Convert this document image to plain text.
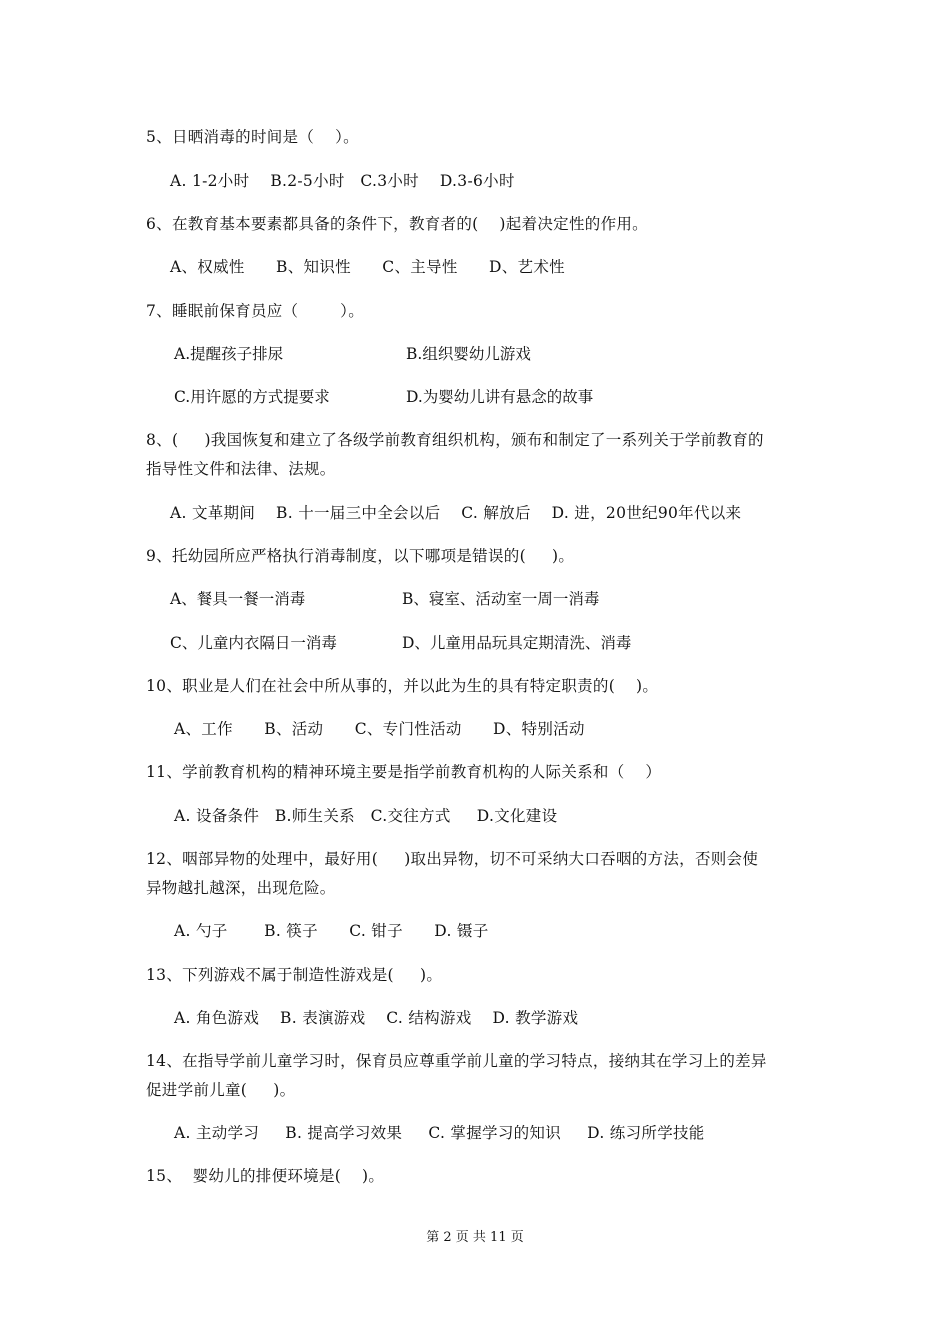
5、日晒消毒的时间是（    ）。
A. 1-2小时    B.2-5小时   C.3小时    D.3-6小时
6、在教育基本要素都具备的条件下，教育者的(    )起着决定性的作用。
A、权威性      B、知识性      C、主导性      D、艺术性
7、睡眠前保育员应（        ）。
A.提醒孩子排尿	B.组织婴幼儿游戏
C.用许愿的方式提要求	D.为婴幼儿讲有悬念的故事
8、(     )我国恢复和建立了各级学前教育组织机构，颁布和制定了一系列关于学前教育的
指导性文件和法律、法规。
A. 文革期间    B. 十一届三中全会以后    C. 解放后    D. 进，20世纪90年代以来
9、托幼园所应严格执行消毒制度，以下哪项是错误的(     )。
A、餐具一餐一消毒	B、寝室、活动室一周一消毒
C、儿童内衣隔日一消毒	D、儿童用品玩具定期清洗、消毒
10、职业是人们在社会中所从事的，并以此为生的具有特定职责的(    )。
A、工作      B、活动      C、专门性活动      D、特别活动
11、学前教育机构的精神环境主要是指学前教育机构的人际关系和（    ）
A. 设备条件   B.师生关系   C.交往方式     D.文化建设
12、咽部异物的处理中，最好用(     )取出异物，切不可采纳大口吞咽的方法，否则会使
异物越扎越深，出现危险。
A. 勺子       B. 筷子      C. 钳子      D. 镊子
13、下列游戏不属于制造性游戏是(     )。
A. 角色游戏    B. 表演游戏    C. 结构游戏    D. 教学游戏
14、在指导学前儿童学习时，保育员应尊重学前儿童的学习特点，接纳其在学习上的差异
促进学前儿童(     )。
A. 主动学习     B. 提高学习效果     C. 掌握学习的知识     D. 练习所学技能
15、  婴幼儿的排便环境是(    )。
第 2 页 共 11 页
